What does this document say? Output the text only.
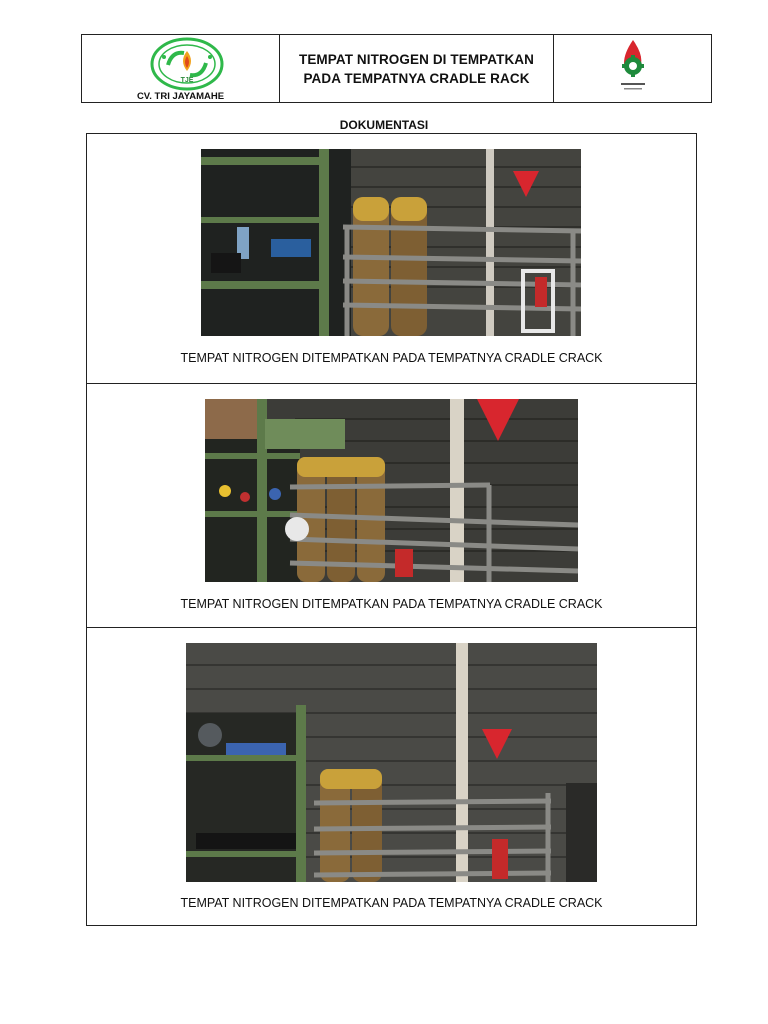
TJE
CV. TRI JAYAMAHE
TEMPAT NITROGEN DI TEMPATKAN
PADA TEMPATNYA CRADLE RACK
DOKUMENTASI
TEMPAT NITROGEN DITEMPATKAN PADA TEMPATNYA CRADLE CRACK
TEMPAT NITROGEN DITEMPATKAN PADA TEMPATNYA CRADLE CRACK
TEMPAT NITROGEN DITEMPATKAN PADA TEMPATNYA CRADLE CRACK
